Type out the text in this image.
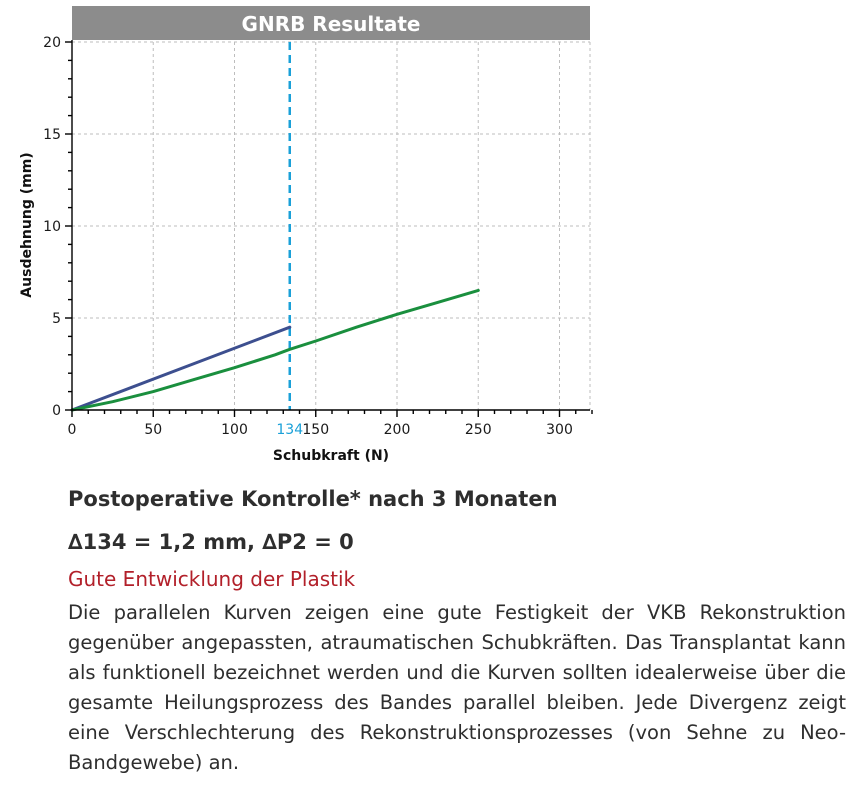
GNRB Resultate
0	50	100 134 150	200	250	300
0
5
10
15
20
Schubkraft (N)
Ausdehnung (mm)

Postoperative Kontrolle* nach 3 Monaten

∆134 = 1,2 mm, ∆P2 = 0

Gute Entwicklung der Plastik

Die parallelen Kurven zeigen eine gute Festigkeit der VKB Rekonstruktion gegenüber angepassten, atraumatischen Schubkräften. Das Transplantat kann als funktionell bezeichnet werden und die Kurven sollten idealerweise über die gesamte Heilungsprozess des Bandes parallel bleiben. Jede Divergenz zeigt eine Verschlechterung des Rekonstruktionsprozesses (von Sehne zu Neo-Bandgewebe) an.
